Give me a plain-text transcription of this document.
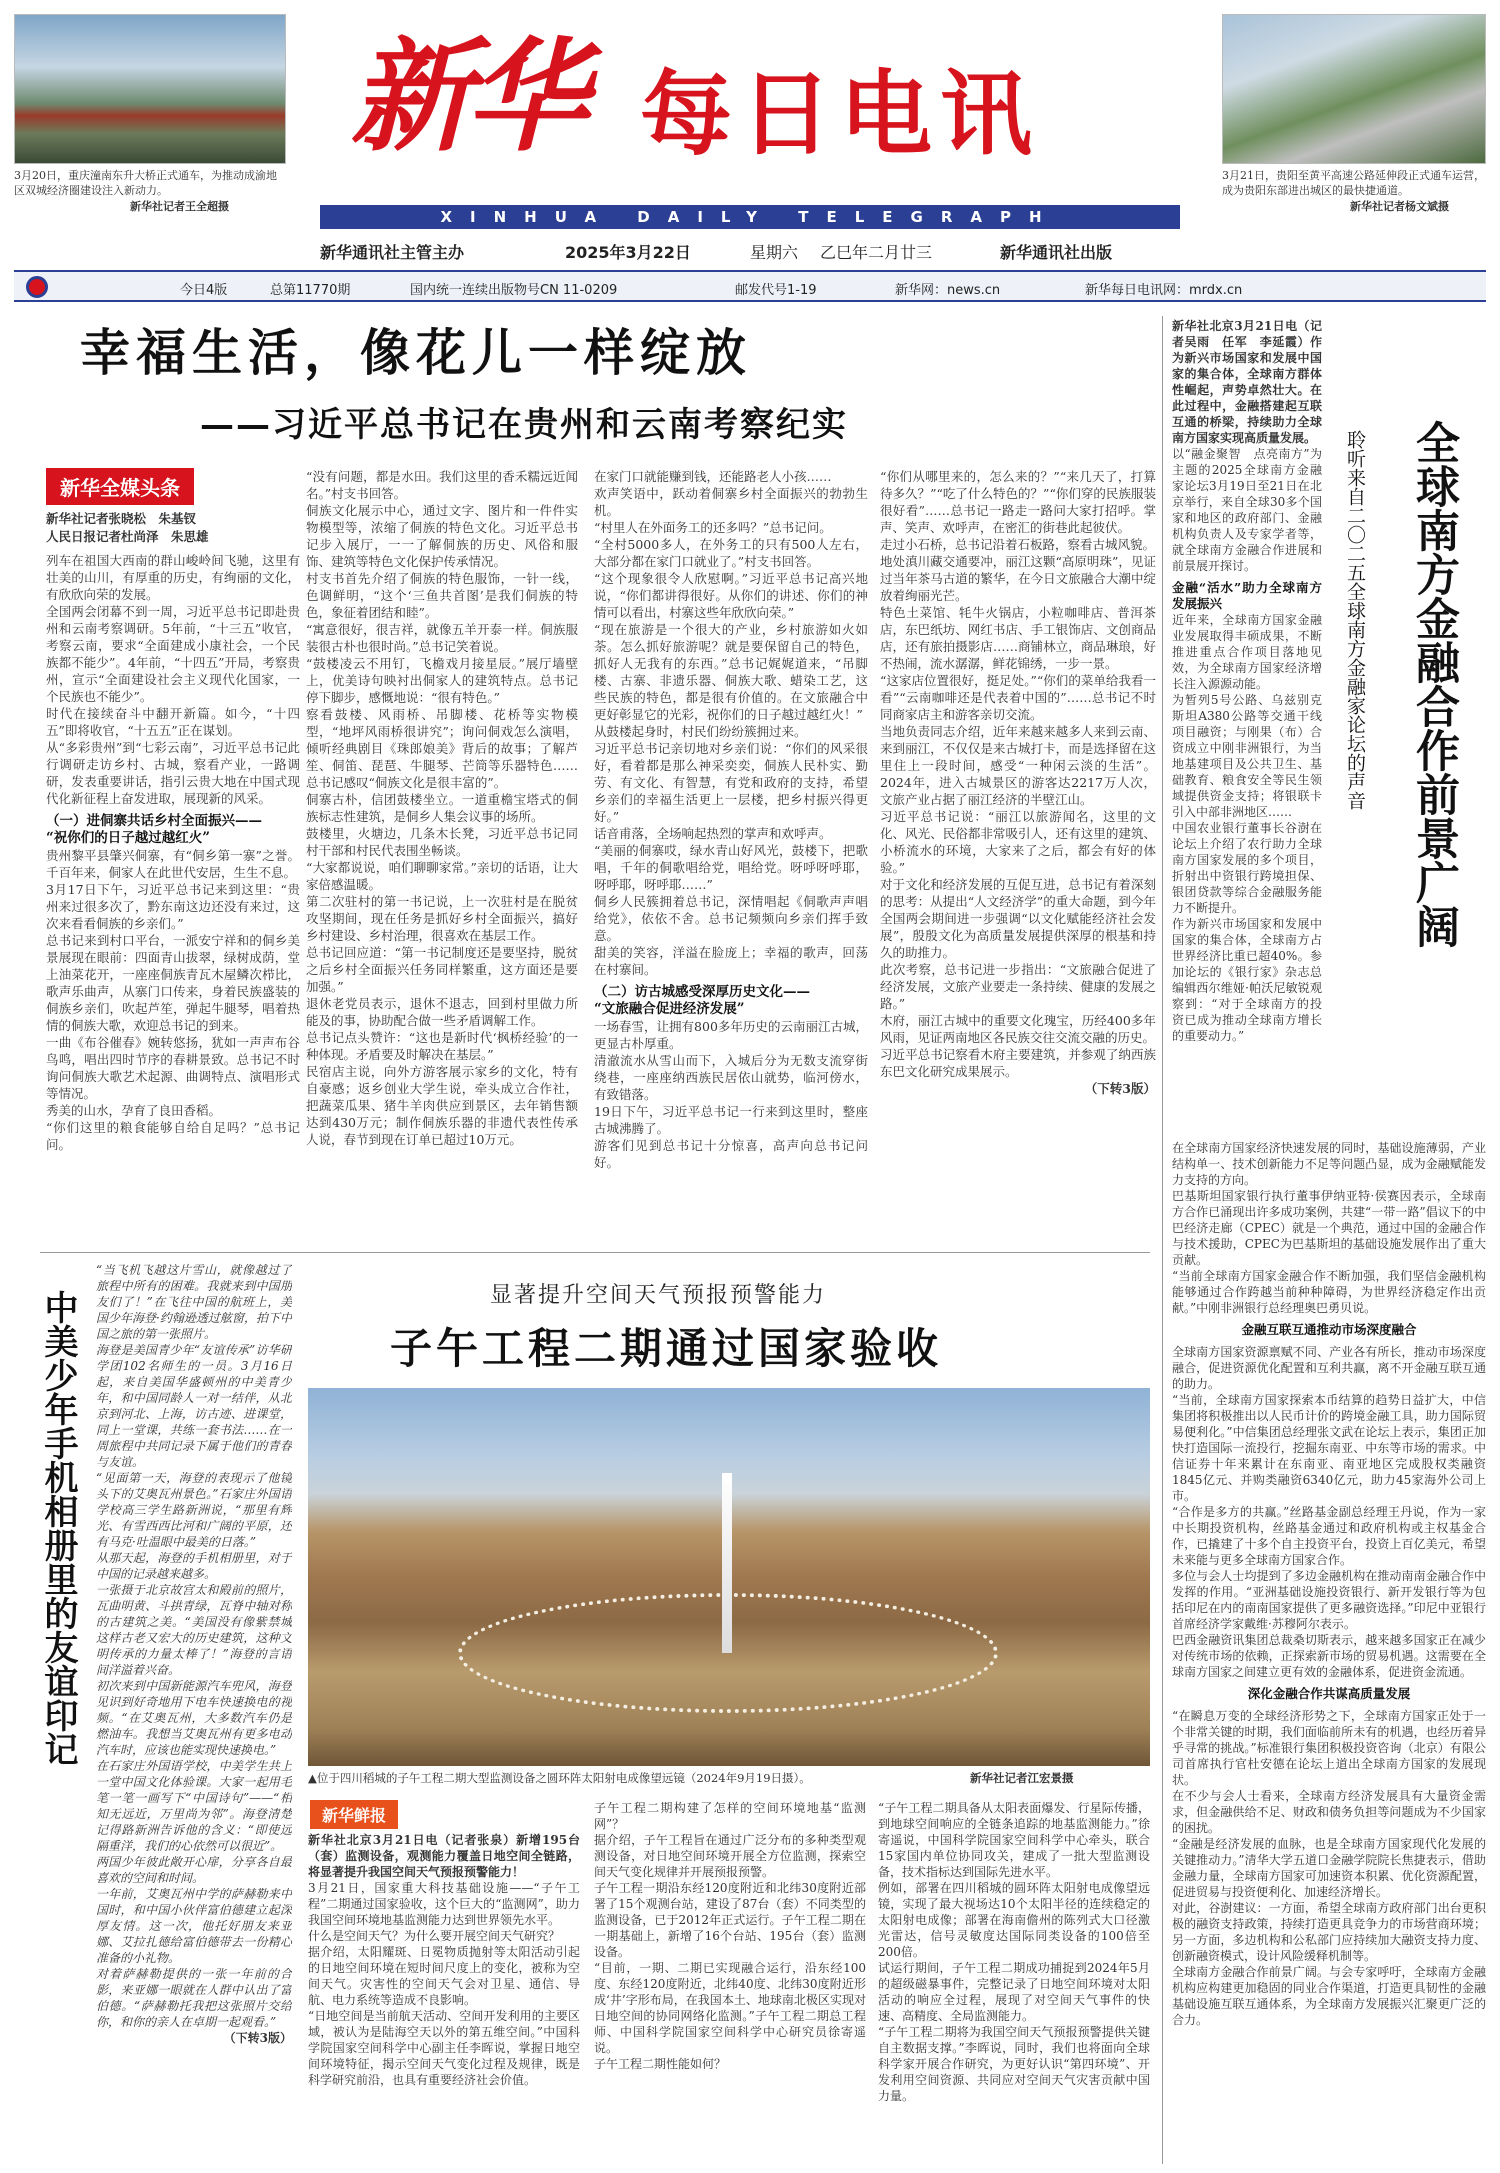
3月20日，重庆潼南东升大桥正式通车，为推动成渝地区双城经济圈建设注入新动力。
新华社记者王全超摄
3月21日，贵阳至黄平高速公路延伸段正式通车运营，成为贵阳东部进出城区的最快捷通道。
新华社记者杨文斌摄
新华 每日电讯
XINHUA DAILY TELEGRAPH
新华通讯社主管主办	2025年3月22日	星期六 乙巳年二月廿三	新华通讯社出版
今日4版	总第11770期	国内统一连续出版物号CN 11-0209	邮发代号1-19	新华网：news.cn	新华每日电讯网：mrdx.cn
幸福生活，像花儿一样绽放
——习近平总书记在贵州和云南考察纪实
新华全媒头条
新华社记者张晓松　朱基钗
人民日报记者杜尚泽　朱思雄

列车在祖国大西南的群山峻岭间飞驰，这里有壮美的山川，有厚重的历史，有绚丽的文化，有欣欣向荣的发展。

全国两会闭幕不到一周，习近平总书记即赴贵州和云南考察调研。5年前，“十三五”收官，考察云南，要求“全面建成小康社会，一个民族都不能少”。4年前，“十四五”开局，考察贵州，宣示“全面建设社会主义现代化国家，一个民族也不能少”。

时代在接续奋斗中翻开新篇。如今，“十四五”即将收官，“十五五”正在谋划。

从“多彩贵州”到“七彩云南”，习近平总书记此行调研走访乡村、古城，察看产业，一路调研，发表重要讲话，指引云贵大地在中国式现代化新征程上奋发进取，展现新的风采。

（一）进侗寨共话乡村全面振兴——

“祝你们的日子越过越红火”

贵州黎平县肇兴侗寨，有“侗乡第一寨”之誉。千百年来，侗家人在此世代安居，生生不息。

3月17日下午，习近平总书记来到这里：“贵州来过很多次了，黔东南这边还没有来过，这次来看看侗族的乡亲们。”

总书记来到村口平台，一派安宁祥和的侗乡美景展现在眼前：四面青山拔翠，绿树成荫，堂上油菜花开，一座座侗族青瓦木屋鳞次栉比，歌声乐曲声，从寨门口传来，身着民族盛装的侗族乡亲们，吹起芦笙，弹起牛腿琴，唱着热情的侗族大歌，欢迎总书记的到来。

一曲《布谷催春》婉转悠扬，犹如一声声布谷鸟鸣，唱出四时节序的春耕景致。总书记不时询问侗族大歌艺术起源、曲调特点、演唱形式等情况。

秀美的山水，孕育了良田香稻。

“你们这里的粮食能够自给自足吗？”总书记问。

“没有问题，都是水田。我们这里的香禾糯远近闻名。”村支书回答。

侗族文化展示中心，通过文字、图片和一件件实物模型等，浓缩了侗族的特色文化。习近平总书记步入展厅，一一了解侗族的历史、风俗和服饰、建筑等特色文化保护传承情况。

村支书首先介绍了侗族的特色服饰，一针一线，色调鲜明，“这个‘三鱼共首图’是我们侗族的特色，象征着团结和睦”。

“寓意很好，很吉祥，就像五羊开泰一样。侗族服装很古朴也很时尚。”总书记笑着说。

“鼓楼凌云不用钉，飞檐戏月接星辰。”展厅墙壁上，优美诗句映衬出侗家人的建筑特点。总书记停下脚步，感慨地说：“很有特色。”

察看鼓楼、风雨桥、吊脚楼、花桥等实物模型，“地坪风雨桥很讲究”；询问侗戏怎么演唱，倾听经典剧目《珠郎娘美》背后的故事；了解芦笙、侗笛、琵琶、牛腿琴、芒筒等乐器特色……总书记感叹“侗族文化是很丰富的”。

侗寨古朴，信团鼓楼坐立。一道重檐宝塔式的侗族标志性建筑，是侗乡人集会议事的场所。

鼓楼里，火塘边，几条木长凳，习近平总书记同村干部和村民代表围坐畅谈。

“大家都说说，咱们聊聊家常。”亲切的话语，让大家倍感温暖。

第二次驻村的第一书记说，上一次驻村是在脱贫攻坚期间，现在任务是抓好乡村全面振兴，搞好乡村建设、乡村治理，很喜欢在基层工作。

总书记回应道：“第一书记制度还是要坚持，脱贫之后乡村全面振兴任务同样繁重，这方面还是要加强。”

退休老党员表示，退休不退志，回到村里做力所能及的事，协助配合做一些矛盾调解工作。

总书记点头赞许：“这也是新时代‘枫桥经验’的一种体现。矛盾要及时解决在基层。”

民宿店主说，向外方游客展示家乡的文化，特有自豪感；返乡创业大学生说，牵头成立合作社，把蔬菜瓜果、猪牛羊肉供应到景区，去年销售额达到430万元；制作侗族乐器的非遗代表性传承人说，春节到现在订单已超过10万元。

在家门口就能赚到钱，还能路老人小孩……

欢声笑语中，跃动着侗寨乡村全面振兴的勃勃生机。

“村里人在外面务工的还多吗？”总书记问。

“全村5000多人，在外务工的只有500人左右，大部分都在家门口就业了。”村支书回答。

“这个现象很令人欣慰啊。”习近平总书记高兴地说，“你们都讲得很好。从你们的讲述、你们的神情可以看出，村寨这些年欣欣向荣。”

“现在旅游是一个很大的产业，乡村旅游如火如荼。怎么抓好旅游呢？就是要保留自己的特色，抓好人无我有的东西。”总书记娓娓道来，“吊脚楼、古寨、非遗乐器、侗族大歌、蜡染工艺，这些民族的特色，都是很有价值的。在文旅融合中更好彰显它的光彩，祝你们的日子越过越红火！”

从鼓楼起身时，村民们纷纷簇拥过来。

习近平总书记亲切地对乡亲们说：“你们的风采很好，看着都是那么神采奕奕，侗族人民朴实、勤劳、有文化、有智慧，有党和政府的支持，希望乡亲们的幸福生活更上一层楼，把乡村振兴得更好。”

话音甫落，全场响起热烈的掌声和欢呼声。

“美丽的侗寨哎，绿水青山好风光，鼓楼下，把歌唱，千年的侗歌唱给党，唱给党。呀呼呀呼耶，呀呼耶，呀呼耶……”

侗乡人民簇拥着总书记，深情唱起《侗歌声声唱给党》，依依不舍。总书记频频向乡亲们挥手致意。

甜美的笑容，洋溢在脸庞上；幸福的歌声，回荡在村寨间。

（二）访古城感受深厚历史文化——

“文旅融合促进经济发展”

一场春雪，让拥有800多年历史的云南丽江古城，更显古朴厚重。

清澈流水从雪山而下，入城后分为无数支流穿街绕巷，一座座纳西族民居依山就势，临河傍水，有致错落。

19日下午，习近平总书记一行来到这里时，整座古城沸腾了。

游客们见到总书记十分惊喜，高声向总书记问好。

“你们从哪里来的，怎么来的？”“来几天了，打算待多久？”“吃了什么特色的？”“你们穿的民族服装很好看”……总书记一路走一路问大家打招呼。掌声、笑声、欢呼声，在密汇的街巷此起彼伏。

走过小石桥，总书记沿着石板路，察看古城风貌。

地处滇川藏交通要冲，丽江这颗“高原明珠”，见证过当年茶马古道的繁华，在今日文旅融合大潮中绽放着绚丽光芒。

特色土菜馆、牦牛火锅店，小粒咖啡店、普洱茶店，东巴纸坊、网红书店、手工银饰店、文创商品店，还有旅拍摄影店……商铺林立，商品琳琅，好不热闹，流水潺潺，鲜花锦绣，一步一景。

“这家店位置很好，挺足处。”“你们的菜单给我看一看”“云南咖啡还是代表着中国的”……总书记不时同商家店主和游客亲切交流。

当地负责同志介绍，近年来越来越多人来到云南、来到丽江，不仅仅是来古城打卡，而是选择留在这里住上一段时间，感受“一种闲云淡的生活”。2024年，进入古城景区的游客达2217万人次，文旅产业占据了丽江经济的半壁江山。

习近平总书记说：“丽江以旅游闻名，这里的文化、风光、民俗都非常吸引人，还有这里的建筑、小桥流水的环境，大家来了之后，都会有好的体验。”

对于文化和经济发展的互促互进，总书记有着深刻的思考：从提出“人文经济学”的重大命题，到今年全国两会期间进一步强调“以文化赋能经济社会发展”，殷殷文化为高质量发展提供深厚的根基和持久的助推力。

此次考察，总书记进一步指出：“文旅融合促进了经济发展，文旅产业要走一条持续、健康的发展之路。”

木府，丽江古城中的重要文化瑰宝，历经400多年风雨，见证两南地区各民族交往交流交融的历史。

习近平总书记察看木府主要建筑，并参观了纳西族东巴文化研究成果展示。

（下转3版）

中美少年手机相册里的友谊印记

“当飞机飞越这片雪山，就像越过了旅程中所有的困难。我就来到中国朋友们了！”在飞往中国的航班上，美国少年海登·约翰逊透过舷窗，拍下中国之旅的第一张照片。

海登是美国青少年“友谊传承”访华研学团102名师生的一员。3月16日起，来自美国华盛顿州的中美青少年，和中国同龄人一对一结伴，从北京到河北、上海，访古迹、进课堂，同上一堂课，共练一套书法……在一周旅程中共同记录下属于他们的青春与友谊。

“见面第一天，海登的表现示了他镜头下的艾奥瓦州景色。”石家庄外国语学校高三学生路新洲说，“那里有辉光、有雪西西比河和广阔的平原，还有马克·吐温眼中最美的日落。”

从那天起，海登的手机相册里，对于中国的记录越来越多。

一张摄于北京故宫太和殿前的照片，瓦曲明黄、斗拱青绿，瓦脊中轴对称的古建筑之美。“美国没有像紫禁城这样古老又宏大的历史建筑，这种文明传承的力量太棒了！”海登的言语间洋溢着兴奋。

初次来到中国新能源汽车兜风，海登见识到好奇地用下电车快速换电的视频。“在艾奥瓦州，大多数汽车仍是燃油车。我想当艾奥瓦州有更多电动汽车时，应该也能实现快速换电。”

在石家庄外国语学校，中美学生共上一堂中国文化体验课。大家一起用毛笔一笔一画写下“中国诗句”——“相知无远近，万里尚为邻”。海登清楚记得路新洲告诉他的含义：“即使远隔重洋，我们的心依然可以很近”。

两国少年彼此敞开心扉，分享各自最喜欢的空间和时间。

一年前，艾奥瓦州中学的萨赫勒来中国时，和中国小伙伴富伯德建立起深厚友情。这一次，他托好朋友来亚娜、艾拉扎德给富伯德带去一份精心准备的小礼物。

对着萨赫勒提供的一张一年前的合影，来亚娜一眼就在人群中认出了富伯德。“萨赫勒托我把这张照片交给你，和你的亲人在卓期一起观看。”

（下转3版）

显著提升空间天气预报预警能力
子午工程二期通过国家验收
▲位于四川稻城的子午工程二期大型监测设备之圆环阵太阳射电成像望远镜（2024年9月19日摄）。	新华社记者江宏景摄
新华鲜报

新华社北京3月21日电（记者张泉）新增195台（套）监测设备，观测能力覆盖日地空间全链路，将显著提升我国空间天气预报预警能力！

3月21日，国家重大科技基础设施——“子午工程”二期通过国家验收，这个巨大的“监测网”，助力我国空间环境地基监测能力达到世界领先水平。

什么是空间天气？为什么要开展空间天气研究？

据介绍，太阳耀斑、日冕物质抛射等太阳活动引起的日地空间环境在短时间尺度上的变化，被称为空间天气。灾害性的空间天气会对卫星、通信、导航、电力系统等造成不良影响。

“日地空间是当前航天活动、空间开发利用的主要区域，被认为是陆海空天以外的第五维空间。”中国科学院国家空间科学中心副主任李晖说，掌握日地空间环境特征，揭示空间天气变化过程及规律，既是科学研究前沿，也具有重要经济社会价值。

子午工程二期构建了怎样的空间环境地基“监测网”？

据介绍，子午工程旨在通过广泛分布的多种类型观测设备，对日地空间环境开展全方位监测，探索空间天气变化规律并开展预报预警。

子午工程一期沿东经120度附近和北纬30度附近部署了15个观测台站，建设了87台（套）不同类型的监测设备，已于2012年正式运行。子午工程二期在一期基础上，新增了16个台站、195台（套）监测设备。

“目前，一期、二期已实现融合运行，沿东经100度、东经120度附近，北纬40度、北纬30度附近形成‘井’字形布局，在我国本土、地球南北极区实现对日地空间的协同网络化监测。”子午工程二期总工程师、中国科学院国家空间科学中心研究员徐寄遥说。

子午工程二期性能如何？

“子午工程二期具备从太阳表面爆发、行星际传播，到地球空间响应的全链条追踪的地基监测能力。”徐寄遥说，中国科学院国家空间科学中心牵头，联合15家国内单位协同攻关，建成了一批大型监测设备，技术指标达到国际先进水平。

例如，部署在四川稻城的圆环阵太阳射电成像望远镜，实现了最大视场达10个太阳半径的连续稳定的太阳射电成像；部署在海南儋州的陈列式大口径激光雷达，信号灵敏度达国际同类设备的100倍至200倍。

试运行期间，子午工程二期成功捕捉到2024年5月的超级磁暴事件，完整记录了日地空间环境对太阳活动的响应全过程，展现了对空间天气事件的快速、高精度、全局监测能力。

“子午工程二期将为我国空间天气预报预警提供关键自主数据支撑。”李晖说，同时，我们也将面向全球科学家开展合作研究，为更好认识“第四环境”、开发利用空间资源、共同应对空间天气灾害贡献中国力量。

新华社北京3月21日电（记者吴雨　任军　李延霞）作为新兴市场国家和发展中国家的集合体，全球南方群体性崛起，声势卓然壮大。在此过程中，金融搭建起互联互通的桥梁，持续助力全球南方国家实现高质量发展。

以“融金聚智　点亮南方”为主题的2025全球南方金融家论坛3月19日至21日在北京举行，来自全球30多个国家和地区的政府部门、金融机构负责人及专家学者等，就全球南方金融合作进展和前景展开探讨。

金融“活水”助力全球南方发展振兴

近年来，全球南方国家金融业发展取得丰硕成果，不断推进重点合作项目落地见效，为全球南方国家经济增长注入源源动能。

为暂列5号公路、乌兹别克斯坦A380公路等交通干线项目融资；与刚果（布）合资成立中刚非洲银行，为当地基建项目及公共卫生、基础教育、粮食安全等民生领域提供资金支持；将银联卡引入中部非洲地区……

中国农业银行董事长谷澍在论坛上介绍了农行助力全球南方国家发展的多个项目，折射出中资银行跨境担保、银团贷款等综合金融服务能力不断提升。

作为新兴市场国家和发展中国家的集合体，全球南方占世界经济比重已超40%。参加论坛的《银行家》杂志总编辑西尔维娅·帕沃尼敏锐观察到：“对于全球南方的投资已成为推动全球南方增长的重要动力。”

全球南方金融合作前景广阔
聆听来自二〇二五全球南方金融家论坛的声音

在全球南方国家经济快速发展的同时，基础设施薄弱，产业结构单一、技术创新能力不足等问题凸显，成为金融赋能发力支持的方向。

巴基斯坦国家银行执行董事伊纳亚特·侯赛因表示，全球南方合作已涌现出许多成功案例，共建“一带一路”倡议下的中巴经济走廊（CPEC）就是一个典范，通过中国的金融合作与技术援助，CPEC为巴基斯坦的基础设施发展作出了重大贡献。

“当前全球南方国家金融合作不断加强，我们坚信金融机构能够通过合作跨越当前种种障碍，为世界经济稳定作出贡献。”中刚非洲银行总经理奥巴勇贝说。

金融互联互通推动市场深度融合

全球南方国家资源禀赋不同、产业各有所长，推动市场深度融合，促进资源优化配置和互利共赢，离不开金融互联互通的助力。

“当前，全球南方国家探索本币结算的趋势日益扩大，中信集团将积极推出以人民币计价的跨境金融工具，助力国际贸易便利化。”中信集团总经理张文武在论坛上表示，集团正加快打造国际一流投行，挖掘东南亚、中东等市场的需求。中信证券十年来累计在东南亚、南亚地区完成股权类融资1845亿元、并购类融资6340亿元，助力45家海外公司上市。

“合作是多方的共赢。”丝路基金副总经理王丹说，作为一家中长期投资机构，丝路基金通过和政府机构或主权基金合作，已撬建了十多个自主投资平台，投资上百亿美元，希望未来能与更多全球南方国家合作。

多位与会人士均提到了多边金融机构在推动南南金融合作中发挥的作用。“亚洲基础设施投资银行、新开发银行等为包括印尼在内的南南国家提供了更多融资选择。”印尼中亚银行首席经济学家戴维·苏穆阿尔表示。

巴西金融资讯集团总裁桑切斯表示，越来越多国家正在减少对传统市场的依赖，正探索新市场的贸易机遇。这需要在全球南方国家之间建立更有效的金融体系，促进资金流通。

深化金融合作共谋高质量发展

“在瞬息万变的全球经济形势之下，全球南方国家正处于一个非常关键的时期，我们面临前所未有的机遇，也经历着异乎寻常的挑战。”标准银行集团积极投资咨询（北京）有限公司首席执行官杜安德在论坛上道出全球南方国家的发展现状。

在不少与会人士看来，全球南方经济发展具有大量资金需求，但金融供给不足、财政和债务负担等问题成为不少国家的困扰。

“金融是经济发展的血脉，也是全球南方国家现代化发展的关键推动力。”清华大学五道口金融学院院长焦捷表示，借助金融力量，全球南方国家可加速资本积累、优化资源配置，促进贸易与投资便利化、加速经济增长。

对此，谷澍建议：一方面，希望全球南方政府部门出台更积极的融资支持政策，持续打造更具竞争力的市场营商环境；另一方面，多边机构和公私部门应持续加大融资支持力度、创新融资模式，设计风险缓释机制等。

全球南方金融合作前景广阔。与会专家呼吁，全球南方金融机构应构建更加稳固的同业合作渠道，打造更具韧性的金融基础设施互联互通体系，为全球南方发展振兴汇聚更广泛的合力。
